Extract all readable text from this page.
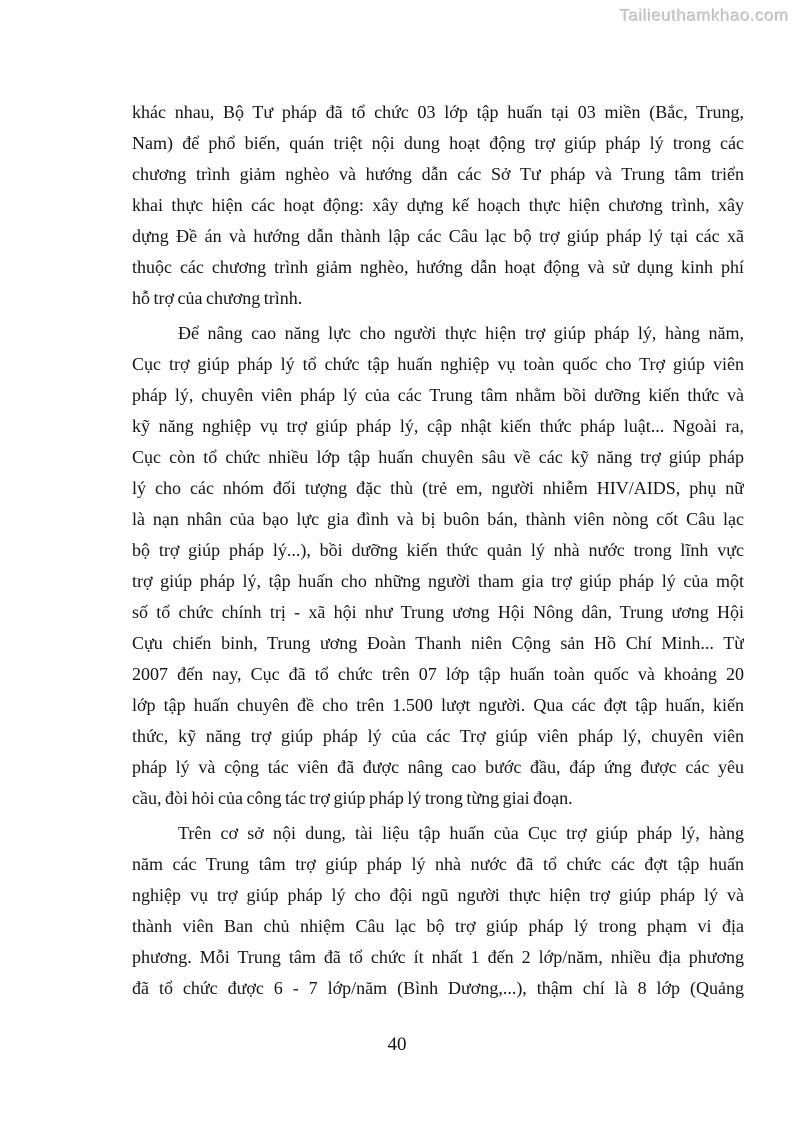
Tailieuthamkhao.com
khác nhau, Bộ Tư pháp đã tổ chức 03 lớp tập huấn tại 03 miền (Bắc, Trung,
Nam) để phổ biến, quán triệt nội dung hoạt động trợ giúp pháp lý trong các
chương trình giảm nghèo và hướng dẫn các Sở Tư pháp và Trung tâm triển
khai thực hiện các hoạt động: xây dựng kế hoạch thực hiện chương trình, xây
dựng Đề án và hướng dẫn thành lập các Câu lạc bộ trợ giúp pháp lý tại các xã
thuộc các chương trình giảm nghèo, hướng dẫn hoạt động và sử dụng kinh phí
hỗ trợ của chương trình.
Để nâng cao năng lực cho người thực hiện trợ giúp pháp lý, hàng năm,
Cục trợ giúp pháp lý tổ chức tập huấn nghiệp vụ toàn quốc cho Trợ giúp viên
pháp lý, chuyên viên pháp lý của các Trung tâm nhằm bồi dưỡng kiến thức và
kỹ năng nghiệp vụ trợ giúp pháp lý, cập nhật kiến thức pháp luật... Ngoài ra,
Cục còn tổ chức nhiều lớp tập huấn chuyên sâu về các kỹ năng trợ giúp pháp
lý cho các nhóm đối tượng đặc thù (trẻ em, người nhiễm HIV/AIDS, phụ nữ
là nạn nhân của bạo lực gia đình và bị buôn bán, thành viên nòng cốt Câu lạc
bộ trợ giúp pháp lý...), bồi dưỡng kiến thức quản lý nhà nước trong lĩnh vực
trợ giúp pháp lý, tập huấn cho những người tham gia trợ giúp pháp lý của một
số tổ chức chính trị - xã hội như Trung ương Hội Nông dân, Trung ương Hội
Cựu chiến binh, Trung ương Đoàn Thanh niên Cộng sản Hồ Chí Minh... Từ
2007 đến nay, Cục đã tổ chức trên 07 lớp tập huấn toàn quốc và khoảng 20
lớp tập huấn chuyên đề cho trên 1.500 lượt người. Qua các đợt tập huấn, kiến
thức, kỹ năng trợ giúp pháp lý của các Trợ giúp viên pháp lý, chuyên viên
pháp lý và cộng tác viên đã được nâng cao bước đầu, đáp ứng được các yêu
cầu, đòi hỏi của công tác trợ giúp pháp lý trong từng giai đoạn.
Trên cơ sở nội dung, tài liệu tập huấn của Cục trợ giúp pháp lý, hàng
năm các Trung tâm trợ giúp pháp lý nhà nước đã tổ chức các đợt tập huấn
nghiệp vụ trợ giúp pháp lý cho đội ngũ người thực hiện trợ giúp pháp lý và
thành viên Ban chủ nhiệm Câu lạc bộ trợ giúp pháp lý trong phạm vi địa
phương. Mỗi Trung tâm đã tổ chức ít nhất 1 đến 2 lớp/năm, nhiều địa phương
đã tổ chức được 6 - 7 lớp/năm (Bình Dương,...), thậm chí là 8 lớp (Quảng
40
